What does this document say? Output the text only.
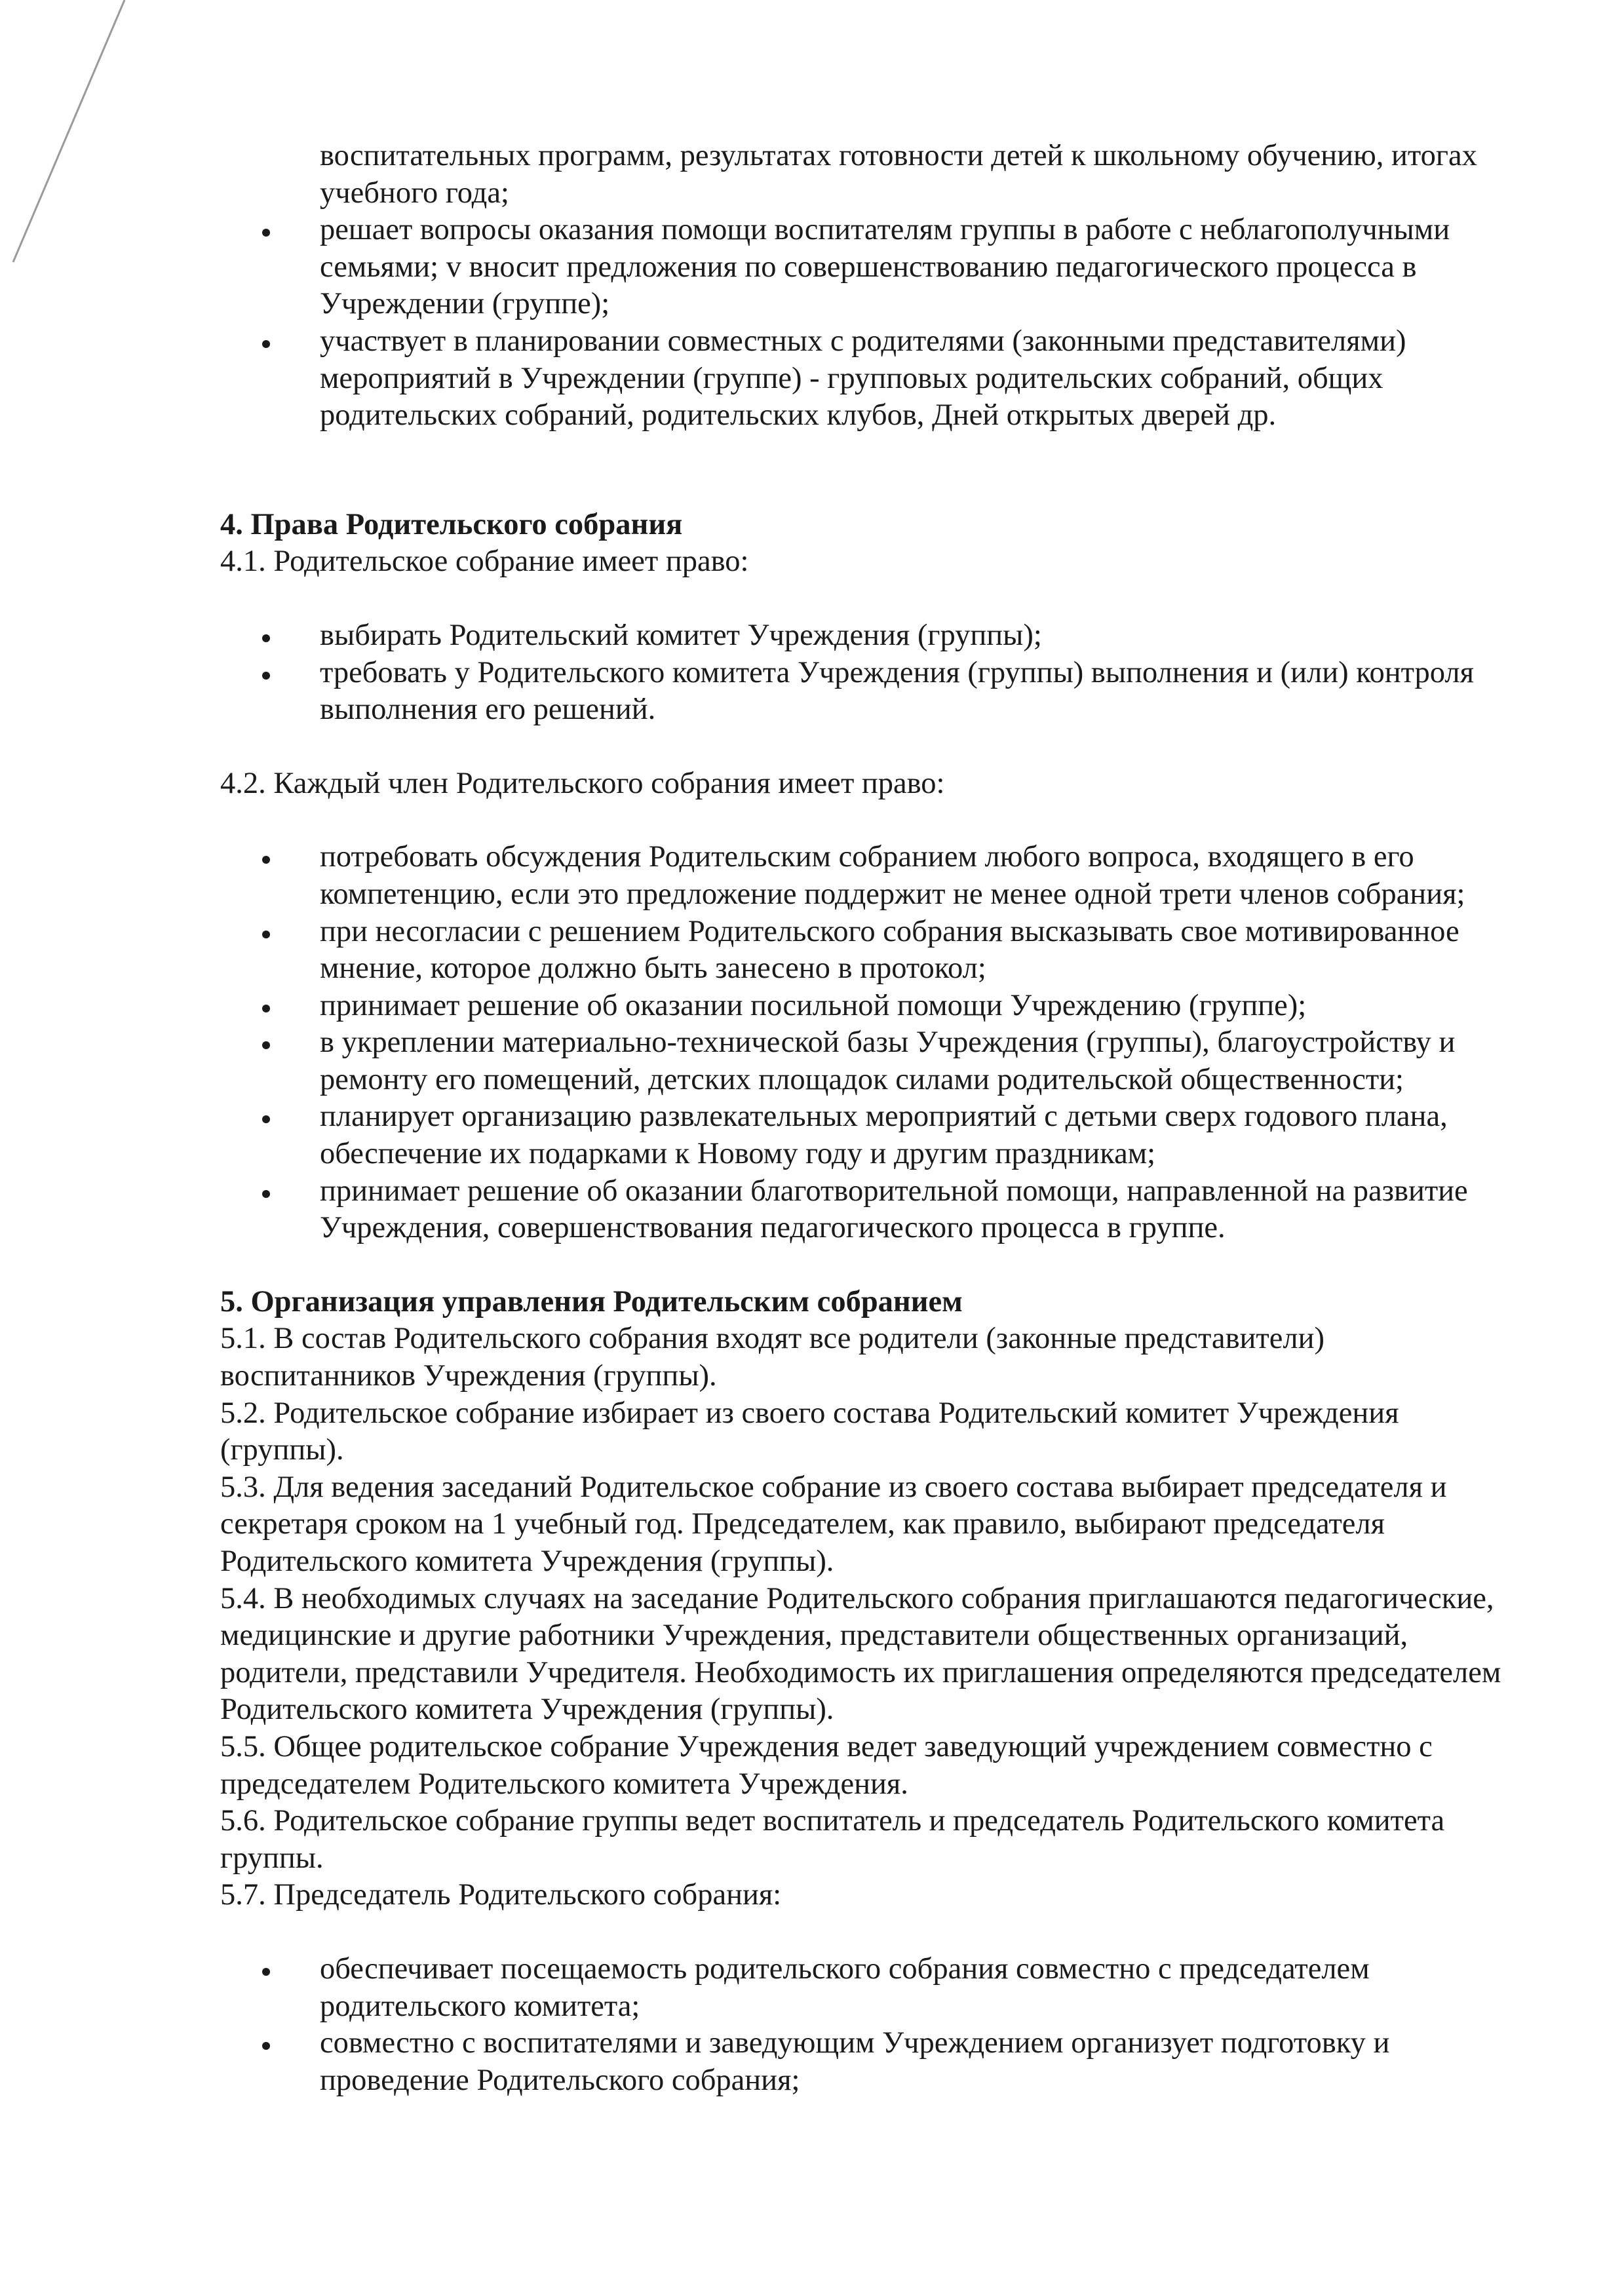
воспитательных программ, результатах готовности детей к школьному обучению, итогах учебного года;

решает вопросы оказания помощи воспитателям группы в работе с неблагополучными семьями; v вносит предложения по совершенствованию педагогического процесса в Учреждении (группе);
участвует в планировании совместных с родителями (законными представителями) мероприятий в Учреждении (группе) - групповых родительских собраний, общих родительских собраний, родительских клубов, Дней открытых дверей др.
4. Права Родительского собрания

4.1. Родительское собрание имеет право:

выбирать Родительский комитет Учреждения (группы);
требовать у Родительского комитета Учреждения (группы) выполнения и (или) контроля выполнения его решений.

4.2. Каждый член Родительского собрания имеет право:

потребовать обсуждения Родительским собранием любого вопроса, входящего в его компетенцию, если это предложение поддержит не менее одной трети членов собрания;
при несогласии с решением Родительского собрания высказывать свое мотивированное мнение, которое должно быть занесено в протокол;
принимает решение об оказании посильной помощи Учреждению (группе);
в укреплении материально-технической базы Учреждения (группы), благоустройству и ремонту его помещений, детских площадок силами родительской общественности;
планирует организацию развлекательных мероприятий с детьми сверх годового плана, обеспечение их подарками к Новому году и другим праздникам;
принимает решение об оказании благотворительной помощи, направленной на развитие Учреждения, совершенствования педагогического процесса в группе.
5. Организация управления Родительским собранием

5.1. В состав Родительского собрания входят все родители (законные представители) воспитанников Учреждения (группы).

5.2. Родительское собрание избирает из своего состава Родительский комитет Учреждения (группы).

5.3. Для ведения заседаний Родительское собрание из своего состава выбирает председателя и секретаря сроком на 1 учебный год. Председателем, как правило, выбирают председателя Родительского комитета Учреждения (группы).

5.4. В необходимых случаях на заседание Родительского собрания приглашаются педагогические, медицинские и другие работники Учреждения, представители общественных организаций, родители, представили Учредителя. Необходимость их приглашения определяются председателем Родительского комитета Учреждения (группы).

5.5. Общее родительское собрание Учреждения ведет заведующий учреждением совместно с председателем Родительского комитета Учреждения.

5.6. Родительское собрание группы ведет воспитатель и председатель Родительского комитета группы.

5.7. Председатель Родительского собрания:

обеспечивает посещаемость родительского собрания совместно с председателем родительского комитета;
совместно с воспитателями и заведующим Учреждением организует подготовку и проведение Родительского собрания;
